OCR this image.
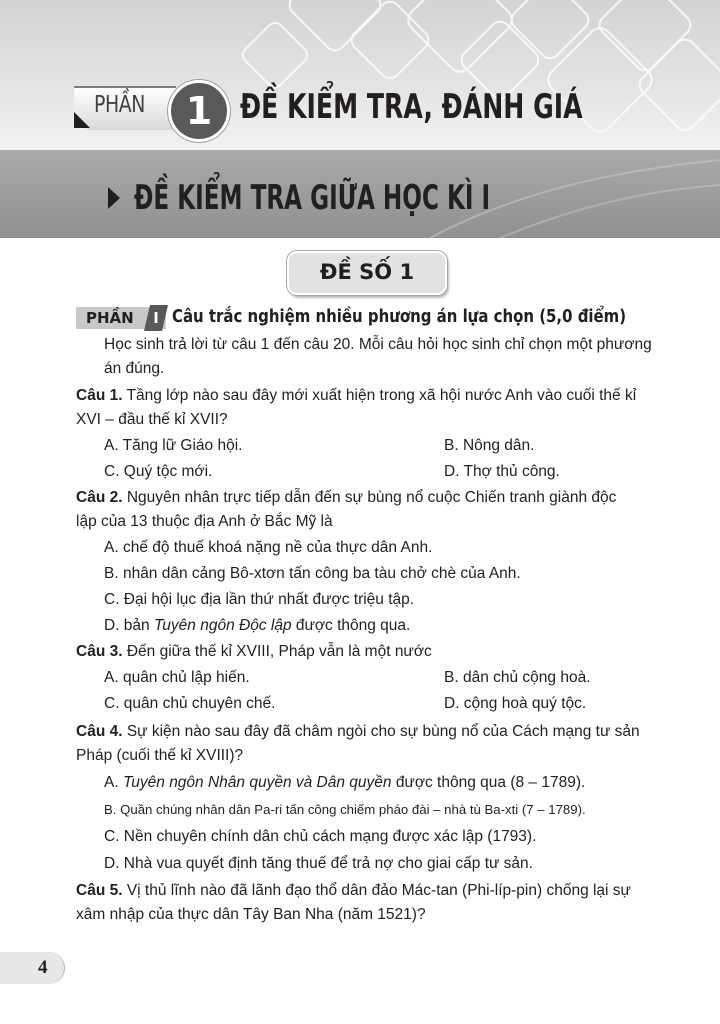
PHẦN	1 ĐỀ KIỂM TRA, ĐÁNH GIÁ
ĐỀ KIỂM TRA GIỮA HỌC KÌ I
ĐỀ SỐ 1
PHẦN	I Câu trắc nghiệm nhiều phương án lựa chọn (5,0 điểm)
Học sinh trả lời từ câu 1 đến câu 20. Mỗi câu hỏi học sinh chỉ chọn một phương
án đúng.
Câu 1. Tầng lớp nào sau đây mới xuất hiện trong xã hội nước Anh vào cuối thế kỉ
XVI – đầu thế kỉ XVII?
A. Tăng lữ Giáo hội.	B. Nông dân.
C. Quý tộc mới.	D. Thợ thủ công.
Câu 2. Nguyên nhân trực tiếp dẫn đến sự bùng nổ cuộc Chiến tranh giành độc
lập của 13 thuộc địa Anh ở Bắc Mỹ là
A. chế độ thuế khoá nặng nề của thực dân Anh.
B. nhân dân cảng Bô-xtơn tấn công ba tàu chở chè của Anh.
C. Đại hội lục địa lần thứ nhất được triệu tập.
D. bản Tuyên ngôn Độc lập được thông qua.
Câu 3. Đến giữa thế kỉ XVIII, Pháp vẫn là một nước
A. quân chủ lập hiến.	B. dân chủ cộng hoà.
C. quân chủ chuyên chế.	D. cộng hoà quý tộc.
Câu 4. Sự kiện nào sau đây đã châm ngòi cho sự bùng nổ của Cách mạng tư sản
Pháp (cuối thế kỉ XVIII)?
A. Tuyên ngôn Nhân quyền và Dân quyền được thông qua (8 – 1789).
B. Quần chúng nhân dân Pa-ri tấn công chiếm pháo đài – nhà tù Ba-xti (7 – 1789).
C. Nền chuyên chính dân chủ cách mạng được xác lập (1793).
D. Nhà vua quyết định tăng thuế để trả nợ cho giai cấp tư sản.
Câu 5. Vị thủ lĩnh nào đã lãnh đạo thổ dân đảo Mác-tan (Phi-líp-pin) chống lại sự
xâm nhập của thực dân Tây Ban Nha (năm 1521)?
4
